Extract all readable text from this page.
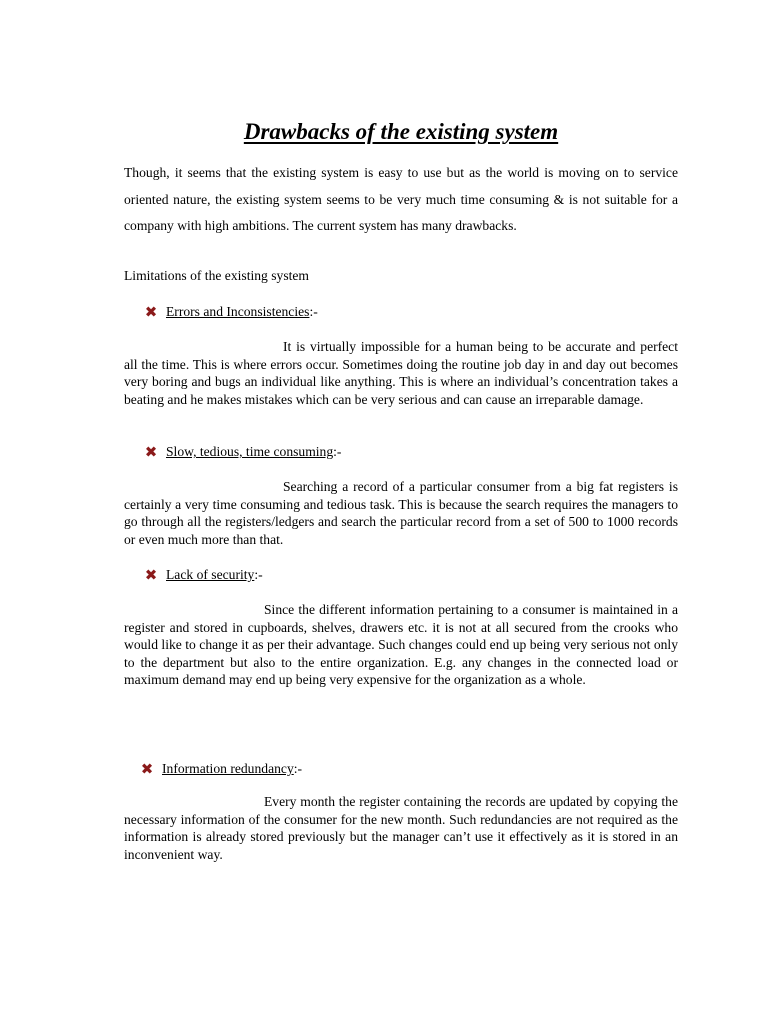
Drawbacks of the existing system

Though, it seems that the existing system is easy to use but as the world is moving on to service oriented nature, the existing system seems to be very much time consuming & is not suitable for a company with high ambitions. The current system has many drawbacks.

Limitations of the existing system

✖ Errors and Inconsistencies :-

It is virtually impossible for a human being to be accurate and perfect all the time. This is where errors occur. Sometimes doing the routine job day in and day out becomes very boring and bugs an individual like anything. This is where an individual’s concentration takes a beating and he makes mistakes which can be very serious and can cause an irreparable damage.

✖ Slow, tedious, time consuming :-

Searching a record of a particular consumer from a big fat registers is certainly a very time consuming and tedious task. This is because the search requires the managers to go through all the registers/ledgers and search the particular record from a set of 500 to 1000 records or even much more than that.

✖ Lack of security :-

Since the different information pertaining to a consumer is maintained in a register and stored in cupboards, shelves, drawers etc. it is not at all secured from the crooks who would like to change it as per their advantage. Such changes could end up being very serious not only to the department but also to the entire organization. E.g. any changes in the connected load or maximum demand may end up being very expensive for the organization as a whole.

✖ Information redundancy :-

Every month the register containing the records are updated by copying the necessary information of the consumer for the new month. Such redundancies are not required as the information is already stored previously but the manager can’t use it effectively as it is stored in an inconvenient way.
